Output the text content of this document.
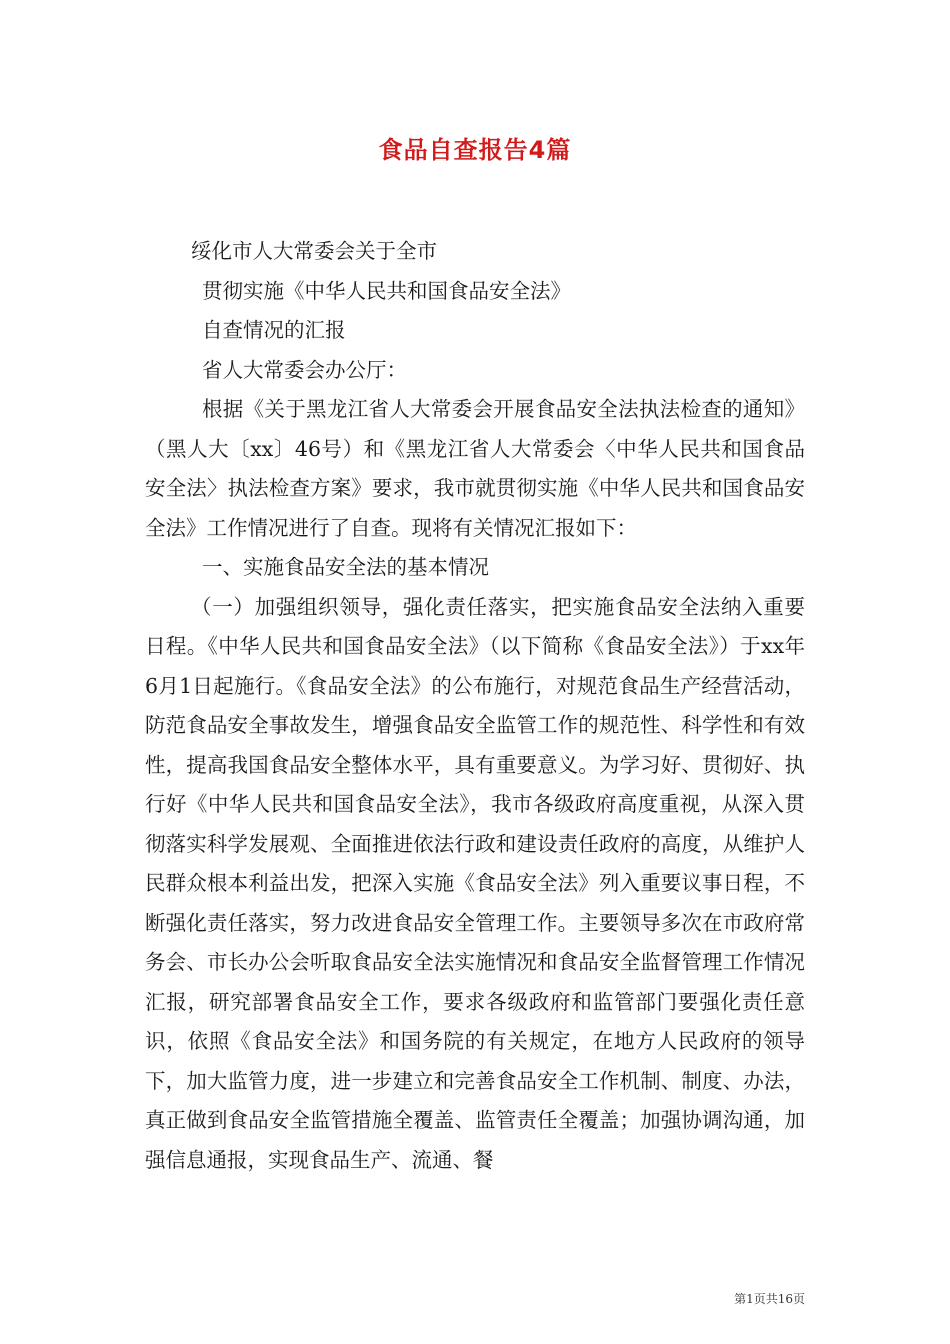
食品自查报告4篇

绥化市人大常委会关于全市

贯彻实施《中华人民共和国食品安全法》

自查情况的汇报

省人大常委会办公厅：

根据《关于黑龙江省人大常委会开展食品安全法执法检查的通知》（黑人大〔xx〕46号）和《黑龙江省人大常委会〈中华人民共和国食品安全法〉执法检查方案》要求，我市就贯彻实施《中华人民共和国食品安全法》工作情况进行了自查。现将有关情况汇报如下：

一、实施食品安全法的基本情况

（一）加强组织领导，强化责任落实，把实施食品安全法纳入重要日程。《中华人民共和国食品安全法》（以下简称《食品安全法》）于xx年6月1日起施行。《食品安全法》的公布施行，对规范食品生产经营活动，防范食品安全事故发生，增强食品安全监管工作的规范性、科学性和有效性，提高我国食品安全整体水平，具有重要意义。为学习好、贯彻好、执行好《中华人民共和国食品安全法》，我市各级政府高度重视，从深入贯彻落实科学发展观、全面推进依法行政和建设责任政府的高度，从维护人民群众根本利益出发，把深入实施《食品安全法》列入重要议事日程，不断强化责任落实，努力改进食品安全管理工作。主要领导多次在市政府常务会、市长办公会听取食品安全法实施情况和食品安全监督管理工作情况汇报，研究部署食品安全工作，要求各级政府和监管部门要强化责任意识，依照《食品安全法》和国务院的有关规定，在地方人民政府的领导下，加大监管力度，进一步建立和完善食品安全工作机制、制度、办法，真正做到食品安全监管措施全覆盖、监管责任全覆盖；加强协调沟通，加强信息通报，实现食品生产、流通、餐

第1页共16页
